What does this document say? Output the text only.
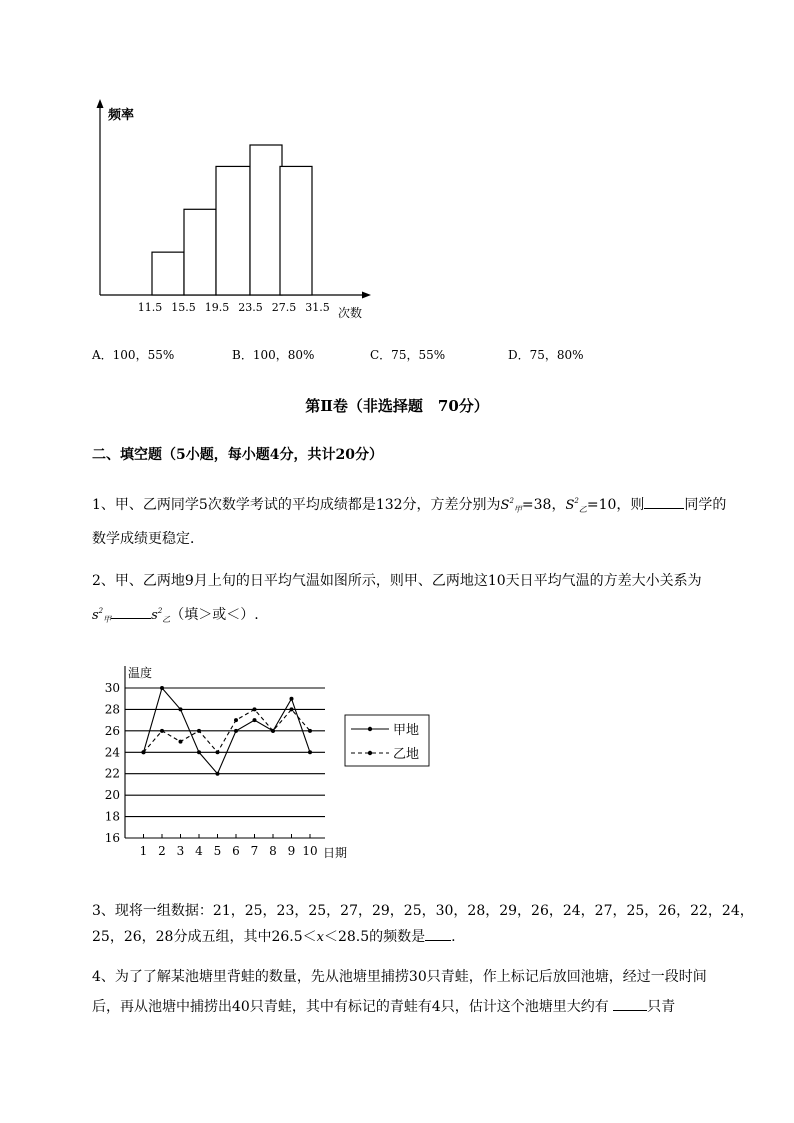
11.5 15.5 19.5 23.5 27.5 31.5
频率
次数
A．100，55%	B．100，80%	C．75，55%	D．75，80%
第Ⅱ卷（非选择题　70分）
二、填空题（5小题，每小题4分，共计20分）
1、甲、乙两同学5次数学考试的平均成绩都是132分，方差分别为$S^2_甲=38$，$S^2_乙=10$，则	同学的
数学成绩更稳定．
2、甲、乙两地9月上旬的日平均气温如图所示，则甲、乙两地这10天日平均气温的方差大小关系为
$s^2_甲$	$s^2_乙$（填＞或＜）.
温度
16
18
20
22
24
26
28
30
1 2 3 4 5 6 7 8 9 10 日期
甲地
乙地
3、现将一组数据：21，25，23，25，27，29，25，30，28，29，26，24，27，25，26，22，24，
25，26，28分成五组，其中26.5＜x＜28.5的频数是 .
4、为了了解某池塘里背蛙的数量，先从池塘里捕捞30只青蛙，作上标记后放回池塘，经过一段时间
后，再从池塘中捕捞出40只青蛙，其中有标记的青蛙有4只，估计这个池塘里大约有 只青
